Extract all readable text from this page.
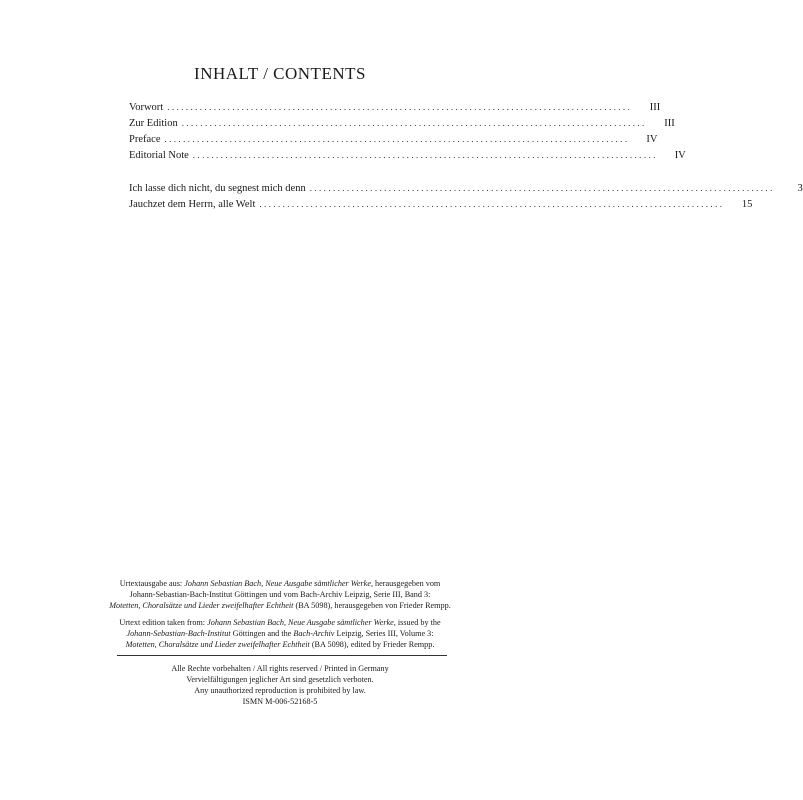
INHALT / CONTENTS
Vorwort ....................................................................................................	III
Zur Edition ....................................................................................................	III
Preface ....................................................................................................	IV
Editorial Note ....................................................................................................	IV
Ich lasse dich nicht, du segnest mich denn ....................................................................................................	3
Jauchzet dem Herrn, alle Welt ....................................................................................................	15

Urtextausgabe aus: Johann Sebastian Bach, Neue Ausgabe sämtlicher Werke, herausgegeben vom

Johann-Sebastian-Bach-Institut Göttingen und vom Bach-Archiv Leipzig, Serie III, Band 3:

Motetten, Choralsätze und Lieder zweifelhafter Echtheit (BA 5098), herausgegeben von Frieder Rempp.

Urtext edition taken from: Johann Sebastian Bach, Neue Ausgabe sämtlicher Werke, issued by the

Johann-Sebastian-Bach-Institut Göttingen and the Bach-Archiv Leipzig, Series III, Volume 3:

Motetten, Choralsätze und Lieder zweifelhafter Echtheit (BA 5098), edited by Frieder Rempp.

Alle Rechte vorbehalten / All rights reserved / Printed in Germany

Vervielfältigungen jeglicher Art sind gesetzlich verboten.

Any unauthorized reproduction is prohibited by law.

ISMN M-006-52168-5
